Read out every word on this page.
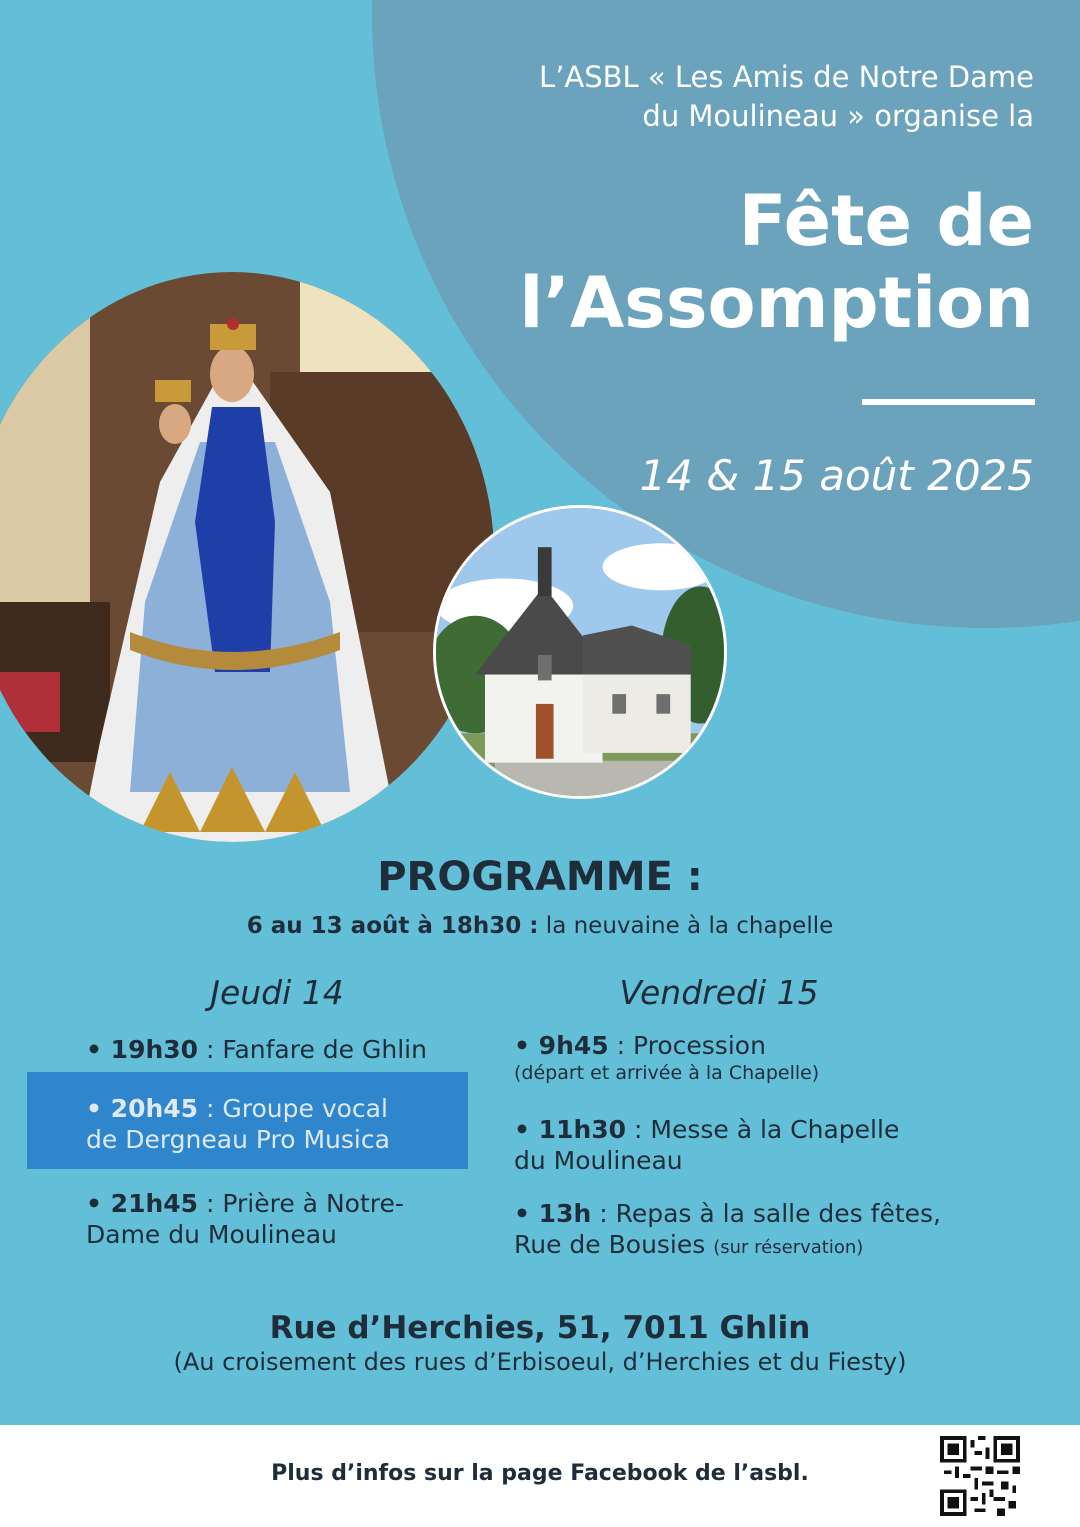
L’ASBL « Les Amis de Notre Dame
du Moulineau » organise la
Fête de
l’Assomption
14 & 15 août 2025
PROGRAMME :
6 au 13 août à 18h30 : la neuvaine à la chapelle
Jeudi 14
• 19h30 : Fanfare de Ghlin
• 20h45 : Groupe vocal
de Dergneau Pro Musica
• 21h45 : Prière à Notre-
Dame du Moulineau
Vendredi 15
• 9h45 : Procession
(départ et arrivée à la Chapelle)
• 11h30 : Messe à la Chapelle
du Moulineau
• 13h : Repas à la salle des fêtes,
Rue de Bousies (sur réservation)
Rue d’Herchies, 51, 7011 Ghlin
(Au croisement des rues d’Erbisoeul, d’Herchies et du Fiesty)
Plus d’infos sur la page Facebook de l’asbl.
